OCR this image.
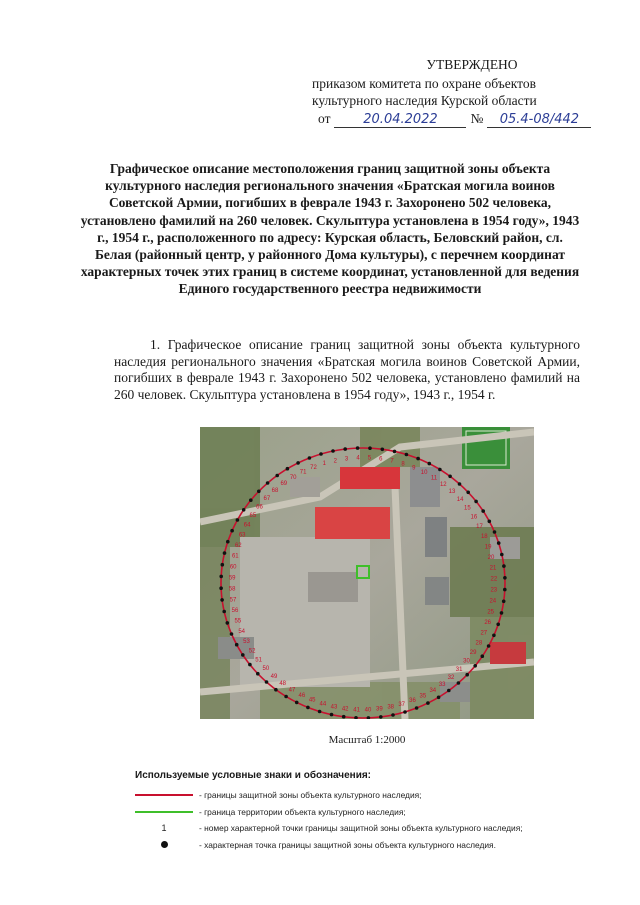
УТВЕРЖДЕНО
приказом комитета по охране объектов
культурного наследия Курской области
от	20.04.2022	№	05.4-08/442
Графическое описание местоположения границ защитной зоны объекта культурного наследия регионального значения «Братская могила воинов Советской Армии, погибших в феврале 1943 г. Захоронено 502 человека, установлено фамилий на 260 человек. Скульптура установлена в 1954 году», 1943 г., 1954 г., расположенного по адресу: Курская область, Беловский район, сл. Белая (районный центр, у районного Дома культуры), с перечнем координат характерных точек этих границ в системе координат, установленной для ведения Единого государственного реестра недвижимости
1. Графическое описание границ защитной зоны объекта культурного наследия регионального значения «Братская могила воинов Советской Армии, погибших в феврале 1943 г. Захоронено 502 человека, установлено фамилий на 260 человек. Скульптура установлена в 1954 году», 1943 г., 1954 г.
1 2 3 4 5 6 7 8
9
10
11
12
13
14
15
16
17
18
19
20
21
22
23
24
25
26
27
28
29
30
31
32
33
34
35
36
37
38
39
40
41
42
43
44
45
46
47
48
49
50
51
52
53
54
55
56
57
58
59
60
61
62
63
64
65
66
67
68
69
70
71
72
Масштаб 1:2000
Используемые условные знаки и обозначения:
- границы защитной зоны объекта культурного наследия;
- граница территории объекта культурного наследия;
1	- номер характерной точки границы защитной зоны объекта культурного наследия;
- характерная точка границы защитной зоны объекта культурного наследия.
